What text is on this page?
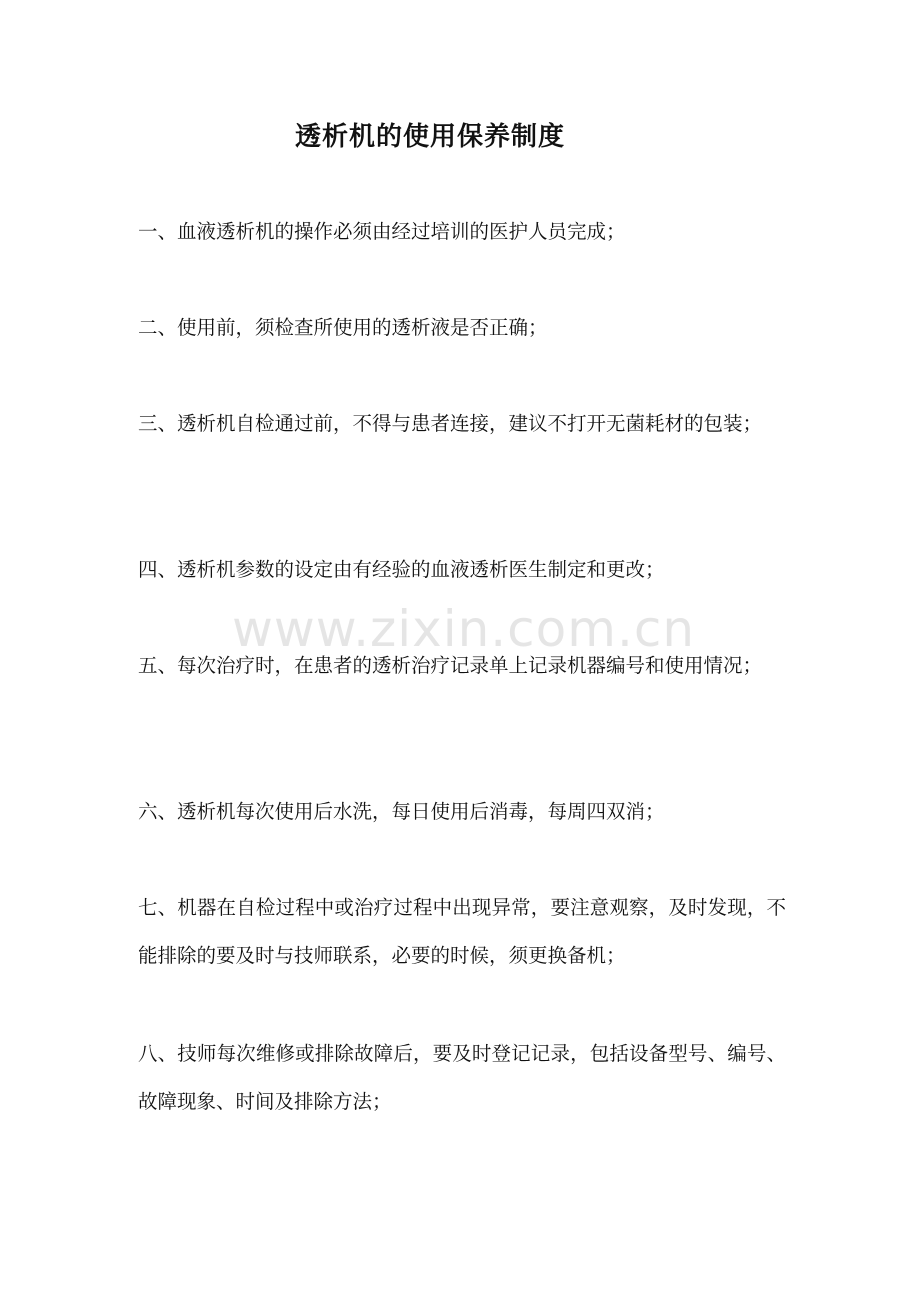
透析机的使用保养制度

一、血液透析机的操作必须由经过培训的医护人员完成；

二、使用前，须检查所使用的透析液是否正确；

三、透析机自检通过前，不得与患者连接，建议不打开无菌耗材的包装；

四、透析机参数的设定由有经验的血液透析医生制定和更改；

五、每次治疗时，在患者的透析治疗记录单上记录机器编号和使用情况；

六、透析机每次使用后水洗，每日使用后消毒，每周四双消；

七、机器在自检过程中或治疗过程中出现异常，要注意观察，及时发现，不能排除的要及时与技师联系，必要的时候，须更换备机；

八、技师每次维修或排除故障后，要及时登记记录，包括设备型号、编号、故障现象、时间及排除方法；

www.zixin.com.cn
